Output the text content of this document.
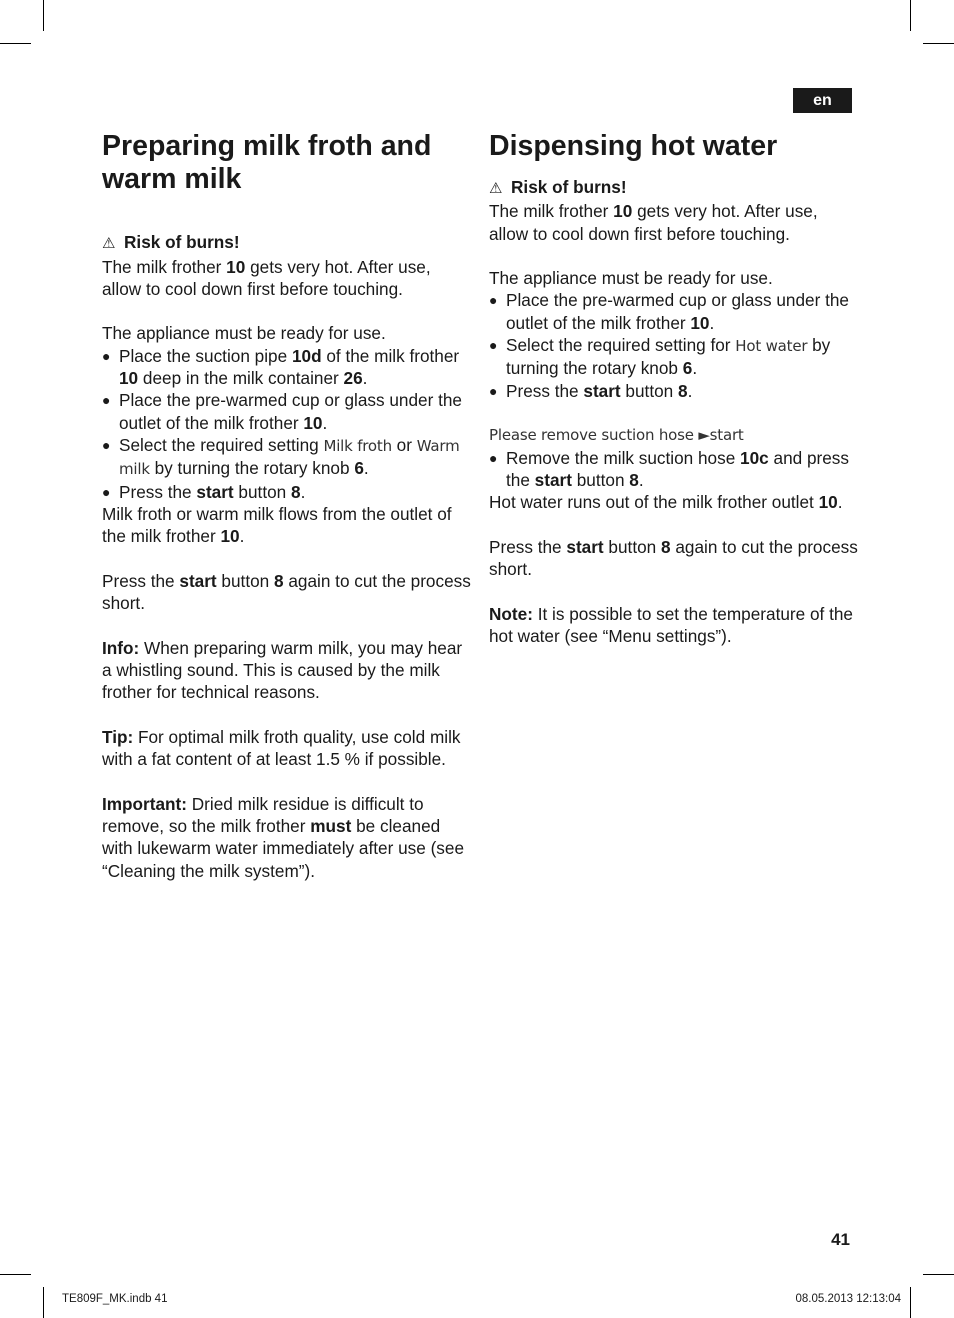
en
Preparing milk froth and warm milk

⚠ Risk of burns!

The milk frother 10 gets very hot. After use, allow to cool down first before touching.

The appliance must be ready for use.

● Place the suction pipe 10d of the milk frother 10 deep in the milk container 26.
● Place the pre-warmed cup or glass under the outlet of the milk frother 10.
● Select the required setting Milk froth or Warm milk by turning the rotary knob 6.
● Press the start button 8.

Milk froth or warm milk flows from the outlet of the milk frother 10.

Press the start button 8 again to cut the process short.

Info: When preparing warm milk, you may hear a whistling sound. This is caused by the milk frother for technical reasons.

Tip: For optimal milk froth quality, use cold milk with a fat content of at least 1.5 % if possible.

Important: Dried milk residue is difficult to remove, so the milk frother must be cleaned with lukewarm water immediately after use (see “Cleaning the milk system”).

Dispensing hot water

⚠ Risk of burns!

The milk frother 10 gets very hot. After use, allow to cool down first before touching.

The appliance must be ready for use.

● Place the pre-warmed cup or glass under the outlet of the milk frother 10.
● Select the required setting for Hot water by turning the rotary knob 6.
● Press the start button 8.

Please remove suction hose ►start

● Remove the milk suction hose 10c and press the start button 8.

Hot water runs out of the milk frother outlet 10.

Press the start button 8 again to cut the process short.

Note: It is possible to set the temperature of the hot water (see “Menu settings”).

41
TE809F_MK.indb 41	08.05.2013 12:13:04
